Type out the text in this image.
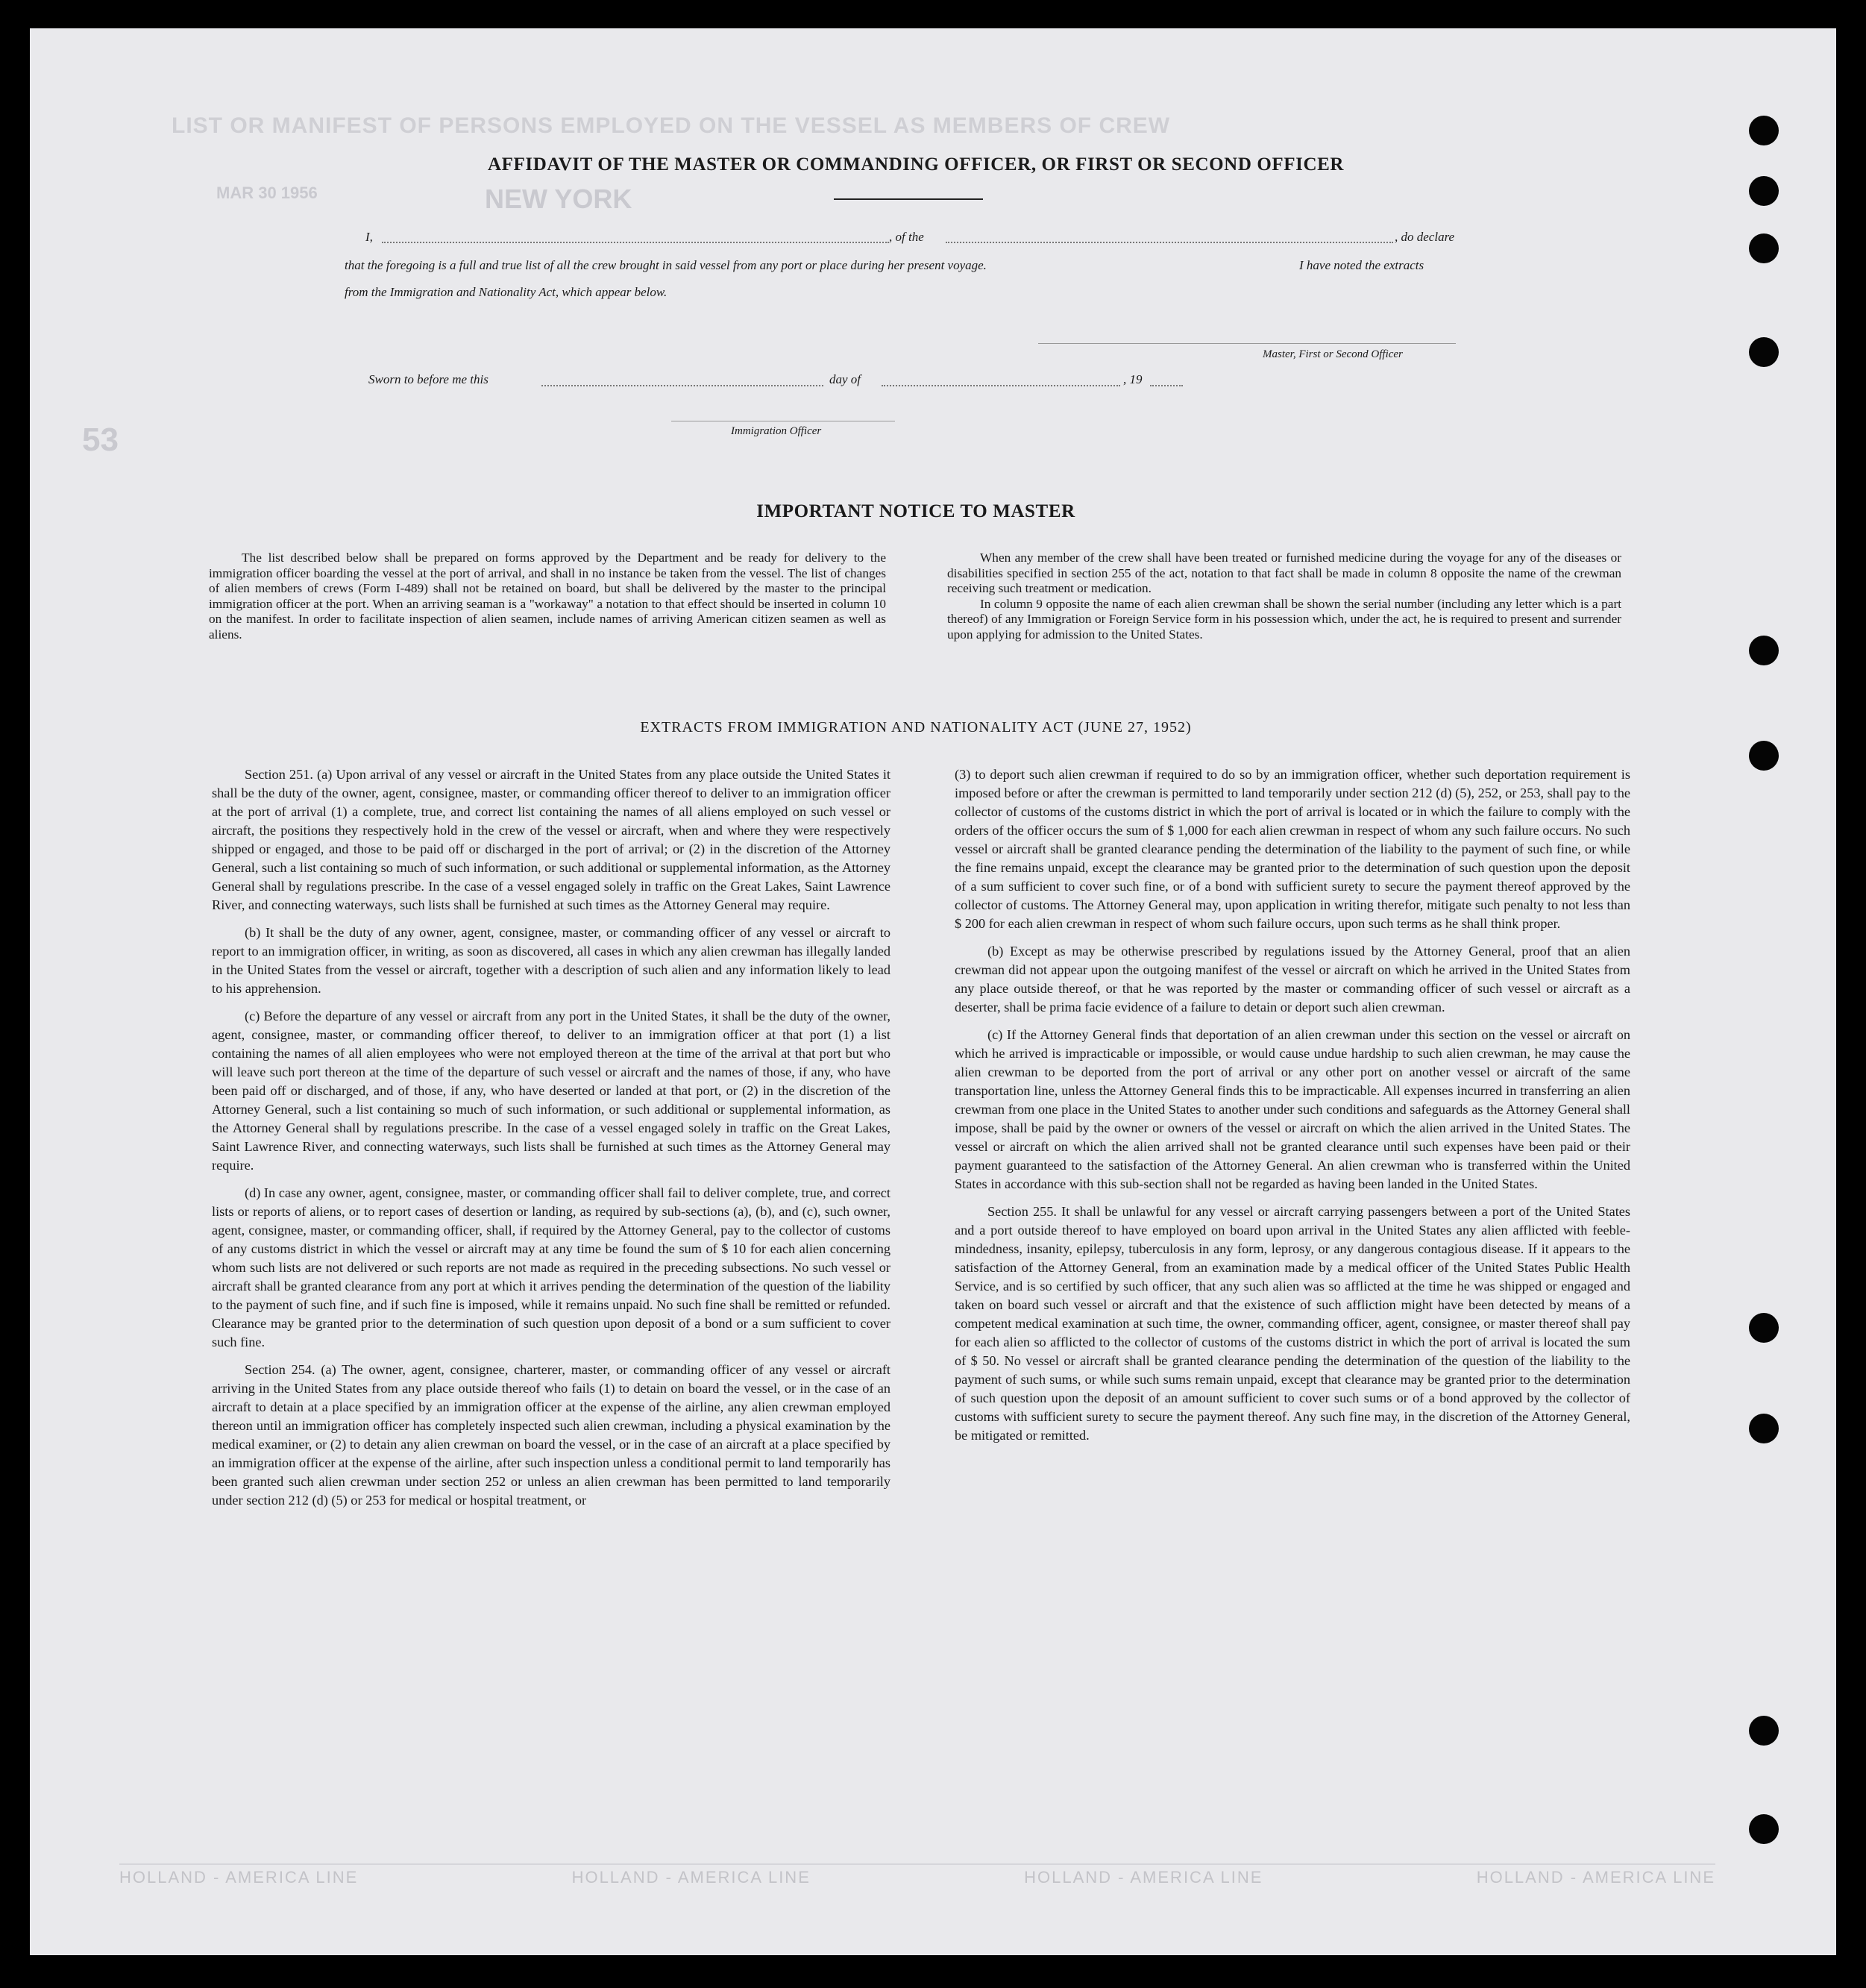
LIST OR MANIFEST OF PERSONS EMPLOYED ON THE VESSEL AS MEMBERS OF CREW
NEW YORK
MAR 30 1956
53
AFFIDAVIT OF THE MASTER OR COMMANDING OFFICER, OR FIRST OR SECOND OFFICER
I,	, of the	, do declare
that the foregoing is a full and true list of all the crew brought in said vessel from any port or place during her present voyage.	I have noted the extracts
from the Immigration and Nationality Act, which appear below.
Master, First or Second Officer
Sworn to before me this	day of	, 19
Immigration Officer
IMPORTANT NOTICE TO MASTER

The list described below shall be prepared on forms approved by the Department and be ready for delivery to the immigration officer boarding the vessel at the port of arrival, and shall in no instance be taken from the vessel. The list of changes of alien members of crews (Form I-489) shall not be retained on board, but shall be delivered by the master to the principal immigration officer at the port. When an arriving seaman is a "workaway" a notation to that effect should be inserted in column 10 on the manifest. In order to facilitate inspection of alien seamen, include names of arriving American citizen seamen as well as aliens.

When any member of the crew shall have been treated or furnished medicine during the voyage for any of the diseases or disabilities specified in section 255 of the act, notation to that fact shall be made in column 8 opposite the name of the crewman receiving such treatment or medication.

In column 9 opposite the name of each alien crewman shall be shown the serial number (including any letter which is a part thereof) of any Immigration or Foreign Service form in his possession which, under the act, he is required to present and surrender upon applying for admission to the United States.

EXTRACTS FROM IMMIGRATION AND NATIONALITY ACT (JUNE 27, 1952)

Section 251. (a) Upon arrival of any vessel or aircraft in the United States from any place outside the United States it shall be the duty of the owner, agent, consignee, master, or commanding officer thereof to deliver to an immigration officer at the port of arrival (1) a complete, true, and correct list containing the names of all aliens employed on such vessel or aircraft, the positions they respectively hold in the crew of the vessel or aircraft, when and where they were respectively shipped or engaged, and those to be paid off or discharged in the port of arrival; or (2) in the discretion of the Attorney General, such a list containing so much of such information, or such additional or supplemental information, as the Attorney General shall by regulations prescribe. In the case of a vessel engaged solely in traffic on the Great Lakes, Saint Lawrence River, and connecting waterways, such lists shall be furnished at such times as the Attorney General may require.

(b) It shall be the duty of any owner, agent, consignee, master, or commanding officer of any vessel or aircraft to report to an immigration officer, in writing, as soon as discovered, all cases in which any alien crewman has illegally landed in the United States from the vessel or aircraft, together with a description of such alien and any information likely to lead to his apprehension.

(c) Before the departure of any vessel or aircraft from any port in the United States, it shall be the duty of the owner, agent, consignee, master, or commanding officer thereof, to deliver to an immigration officer at that port (1) a list containing the names of all alien employees who were not employed thereon at the time of the arrival at that port but who will leave such port thereon at the time of the departure of such vessel or aircraft and the names of those, if any, who have been paid off or discharged, and of those, if any, who have deserted or landed at that port, or (2) in the discretion of the Attorney General, such a list containing so much of such information, or such additional or supplemental information, as the Attorney General shall by regulations prescribe. In the case of a vessel engaged solely in traffic on the Great Lakes, Saint Lawrence River, and connecting waterways, such lists shall be furnished at such times as the Attorney General may require.

(d) In case any owner, agent, consignee, master, or commanding officer shall fail to deliver complete, true, and correct lists or reports of aliens, or to report cases of desertion or landing, as required by sub-sections (a), (b), and (c), such owner, agent, consignee, master, or commanding officer, shall, if required by the Attorney General, pay to the collector of customs of any customs district in which the vessel or aircraft may at any time be found the sum of $ 10 for each alien concerning whom such lists are not delivered or such reports are not made as required in the preceding subsections. No such vessel or aircraft shall be granted clearance from any port at which it arrives pending the determination of the question of the liability to the payment of such fine, and if such fine is imposed, while it remains unpaid. No such fine shall be remitted or refunded. Clearance may be granted prior to the determination of such question upon deposit of a bond or a sum sufficient to cover such fine.

Section 254. (a) The owner, agent, consignee, charterer, master, or commanding officer of any vessel or aircraft arriving in the United States from any place outside thereof who fails (1) to detain on board the vessel, or in the case of an aircraft to detain at a place specified by an immigration officer at the expense of the airline, any alien crewman employed thereon until an immigration officer has completely inspected such alien crewman, including a physical examination by the medical examiner, or (2) to detain any alien crewman on board the vessel, or in the case of an aircraft at a place specified by an immigration officer at the expense of the airline, after such inspection unless a conditional permit to land temporarily has been granted such alien crewman under section 252 or unless an alien crewman has been permitted to land temporarily under section 212 (d) (5) or 253 for medical or hospital treatment, or

(3) to deport such alien crewman if required to do so by an immigration officer, whether such deportation requirement is imposed before or after the crewman is permitted to land temporarily under section 212 (d) (5), 252, or 253, shall pay to the collector of customs of the customs district in which the port of arrival is located or in which the failure to comply with the orders of the officer occurs the sum of $ 1,000 for each alien crewman in respect of whom any such failure occurs. No such vessel or aircraft shall be granted clearance pending the determination of the liability to the payment of such fine, or while the fine remains unpaid, except the clearance may be granted prior to the determination of such question upon the deposit of a sum sufficient to cover such fine, or of a bond with sufficient surety to secure the payment thereof approved by the collector of customs. The Attorney General may, upon application in writing therefor, mitigate such penalty to not less than $ 200 for each alien crewman in respect of whom such failure occurs, upon such terms as he shall think proper.

(b) Except as may be otherwise prescribed by regulations issued by the Attorney General, proof that an alien crewman did not appear upon the outgoing manifest of the vessel or aircraft on which he arrived in the United States from any place outside thereof, or that he was reported by the master or commanding officer of such vessel or aircraft as a deserter, shall be prima facie evidence of a failure to detain or deport such alien crewman.

(c) If the Attorney General finds that deportation of an alien crewman under this section on the vessel or aircraft on which he arrived is impracticable or impossible, or would cause undue hardship to such alien crewman, he may cause the alien crewman to be deported from the port of arrival or any other port on another vessel or aircraft of the same transportation line, unless the Attorney General finds this to be impracticable. All expenses incurred in transferring an alien crewman from one place in the United States to another under such conditions and safeguards as the Attorney General shall impose, shall be paid by the owner or owners of the vessel or aircraft on which the alien arrived in the United States. The vessel or aircraft on which the alien arrived shall not be granted clearance until such expenses have been paid or their payment guaranteed to the satisfaction of the Attorney General. An alien crewman who is transferred within the United States in accordance with this sub-section shall not be regarded as having been landed in the United States.

Section 255. It shall be unlawful for any vessel or aircraft carrying passengers between a port of the United States and a port outside thereof to have employed on board upon arrival in the United States any alien afflicted with feeble-mindedness, insanity, epilepsy, tuberculosis in any form, leprosy, or any dangerous contagious disease. If it appears to the satisfaction of the Attorney General, from an examination made by a medical officer of the United States Public Health Service, and is so certified by such officer, that any such alien was so afflicted at the time he was shipped or engaged and taken on board such vessel or aircraft and that the existence of such affliction might have been detected by means of a competent medical examination at such time, the owner, commanding officer, agent, consignee, or master thereof shall pay for each alien so afflicted to the collector of customs of the customs district in which the port of arrival is located the sum of $ 50. No vessel or aircraft shall be granted clearance pending the determination of the question of the liability to the payment of such sums, or while such sums remain unpaid, except that clearance may be granted prior to the determination of such question upon the deposit of an amount sufficient to cover such sums or of a bond approved by the collector of customs with sufficient surety to secure the payment thereof. Any such fine may, in the discretion of the Attorney General, be mitigated or remitted.

HOLLAND - AMERICA LINE	HOLLAND - AMERICA LINE	HOLLAND - AMERICA LINE	HOLLAND - AMERICA LINE
